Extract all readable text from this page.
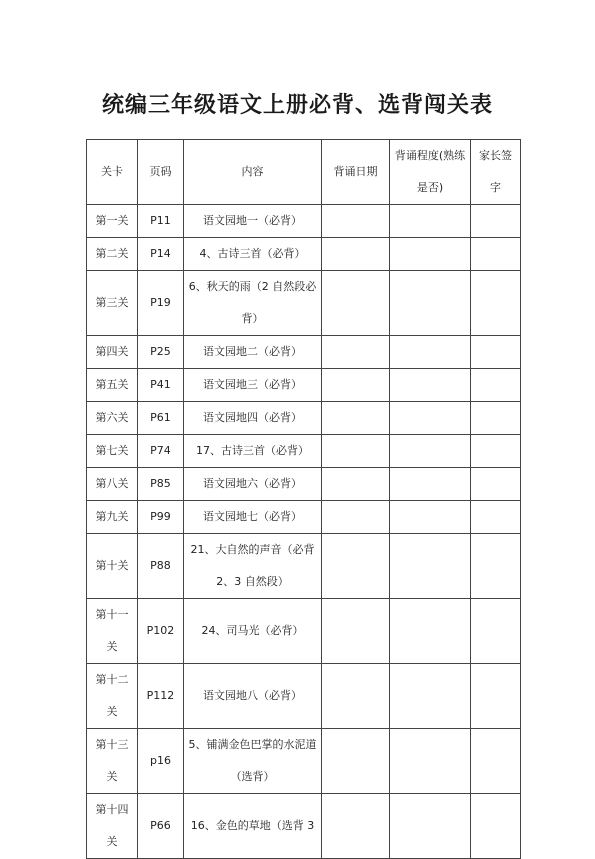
统编三年级语文上册必背、选背闯关表
关卡	页码	内容	背诵日期	背诵程度(熟练是否)	家长签字

第一关	P11	语文园地一（必背）			

第二关	P14	4、古诗三首（必背）			

第三关	P19	6、秋天的雨（2 自然段必背）			

第四关	P25	语文园地二（必背）			

第五关	P41	语文园地三（必背）			

第六关	P61	语文园地四（必背）			

第七关	P74	17、古诗三首（必背）			

第八关	P85	语文园地六（必背）			

第九关	P99	语文园地七（必背）			

第十关	P88	21、大自然的声音（必背 2、3 自然段）			

第十一关	P102	24、司马光（必背）			

第十二关	P112	语文园地八（必背）			

第十三关	p16	5、铺满金色巴掌的水泥道（选背）			

第十四关	P66	16、金色的草地（选背 3			
